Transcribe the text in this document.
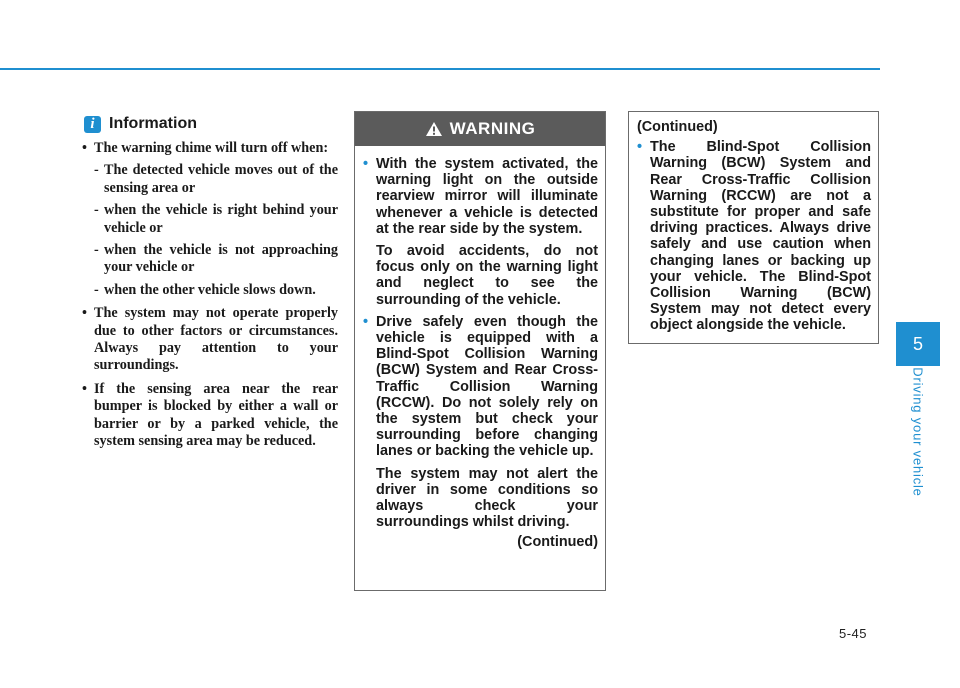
i Information
• The warning chime will turn off when:
- The detected vehicle moves out of the sensing area or
- when the vehicle is right behind your vehicle or
- when the vehicle is not approaching your vehicle or
- when the other vehicle slows down.
• The system may not operate properly due to other factors or circumstances. Always pay attention to your surroundings.
• If the sensing area near the rear bumper is blocked by either a wall or barrier or by a parked vehicle, the system sensing area may be reduced.
WARNING
• With the system activated, the warning light on the outside rearview mirror will illuminate whenever a vehicle is detected at the rear side by the system.
To avoid accidents, do not focus only on the warning light and neglect to see the surrounding of the vehicle.
• Drive safely even though the vehicle is equipped with a Blind-Spot Collision Warning (BCW) System and Rear Cross-Traffic Collision Warning (RCCW). Do not solely rely on the system but check your surrounding before changing lanes or backing the vehicle up.
The system may not alert the driver in some conditions so always check your surroundings whilst driving.
(Continued)
(Continued)
• The Blind-Spot Collision Warning (BCW) System and Rear Cross-Traffic Collision Warning (RCCW) are not a substitute for proper and safe driving practices. Always drive safely and use caution when changing lanes or backing up your vehicle. The Blind-Spot Collision Warning (BCW) System may not detect every object alongside the vehicle.
5
Driving your vehicle
5-45
